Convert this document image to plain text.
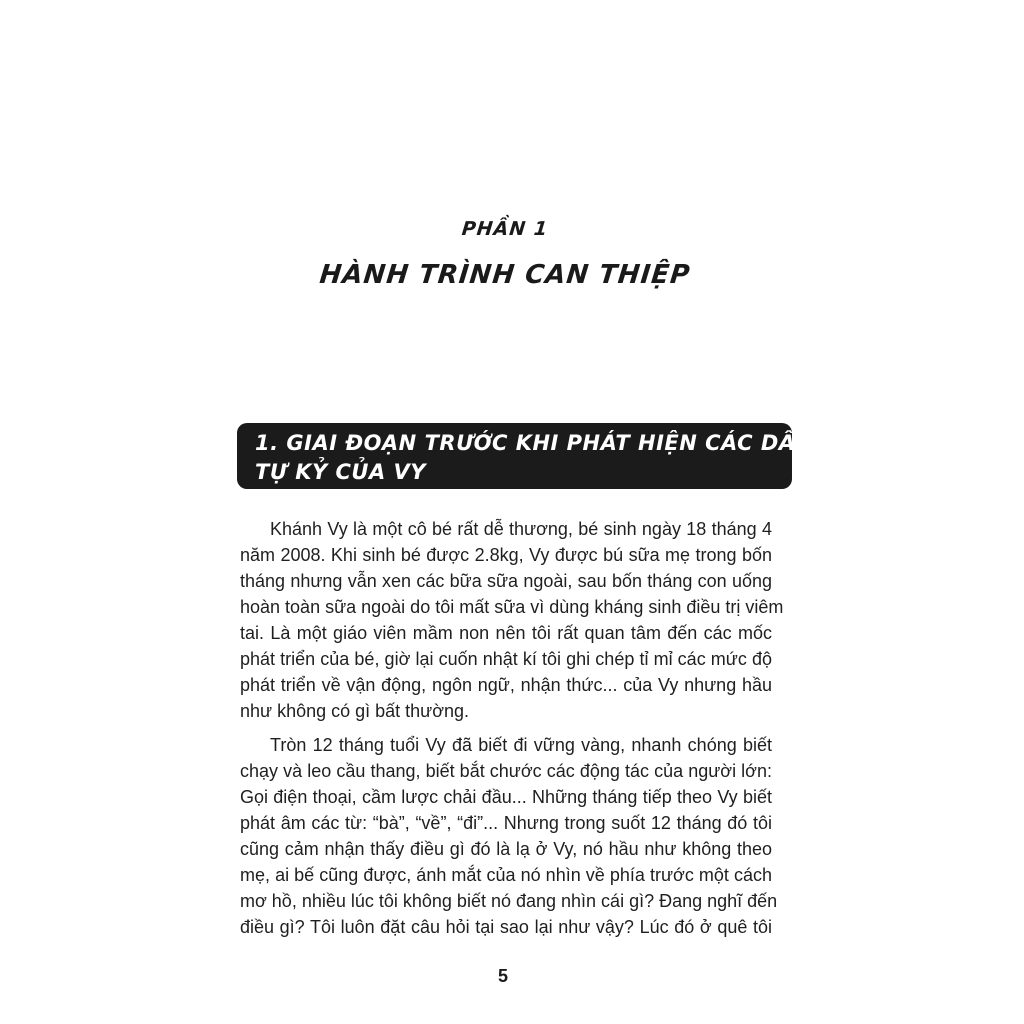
PHẦN 1
HÀNH TRÌNH CAN THIỆP
1. GIAI ĐOẠN TRƯỚC KHI PHÁT HIỆN CÁC DẤU HIỆU
TỰ KỶ CỦA VY

Khánh Vy là một cô bé rất dễ thương, bé sinh ngày 18 tháng 4
năm 2008. Khi sinh bé được 2.8kg, Vy được bú sữa mẹ trong bốn
tháng nhưng vẫn xen các bữa sữa ngoài, sau bốn tháng con uống
hoàn toàn sữa ngoài do tôi mất sữa vì dùng kháng sinh điều trị viêm
tai. Là một giáo viên mầm non nên tôi rất quan tâm đến các mốc
phát triển của bé, giờ lại cuốn nhật kí tôi ghi chép tỉ mỉ các mức độ
phát triển về vận động, ngôn ngữ, nhận thức... của Vy nhưng hầu
như không có gì bất thường.

Tròn 12 tháng tuổi Vy đã biết đi vững vàng, nhanh chóng biết
chạy và leo cầu thang, biết bắt chước các động tác của người lớn:
Gọi điện thoại, cầm lược chải đầu... Những tháng tiếp theo Vy biết
phát âm các từ: “bà”, “về”, “đi”... Nhưng trong suốt 12 tháng đó tôi
cũng cảm nhận thấy điều gì đó là lạ ở Vy, nó hầu như không theo
mẹ, ai bế cũng được, ánh mắt của nó nhìn về phía trước một cách
mơ hồ, nhiều lúc tôi không biết nó đang nhìn cái gì? Đang nghĩ đến
điều gì? Tôi luôn đặt câu hỏi tại sao lại như vậy? Lúc đó ở quê tôi

5
